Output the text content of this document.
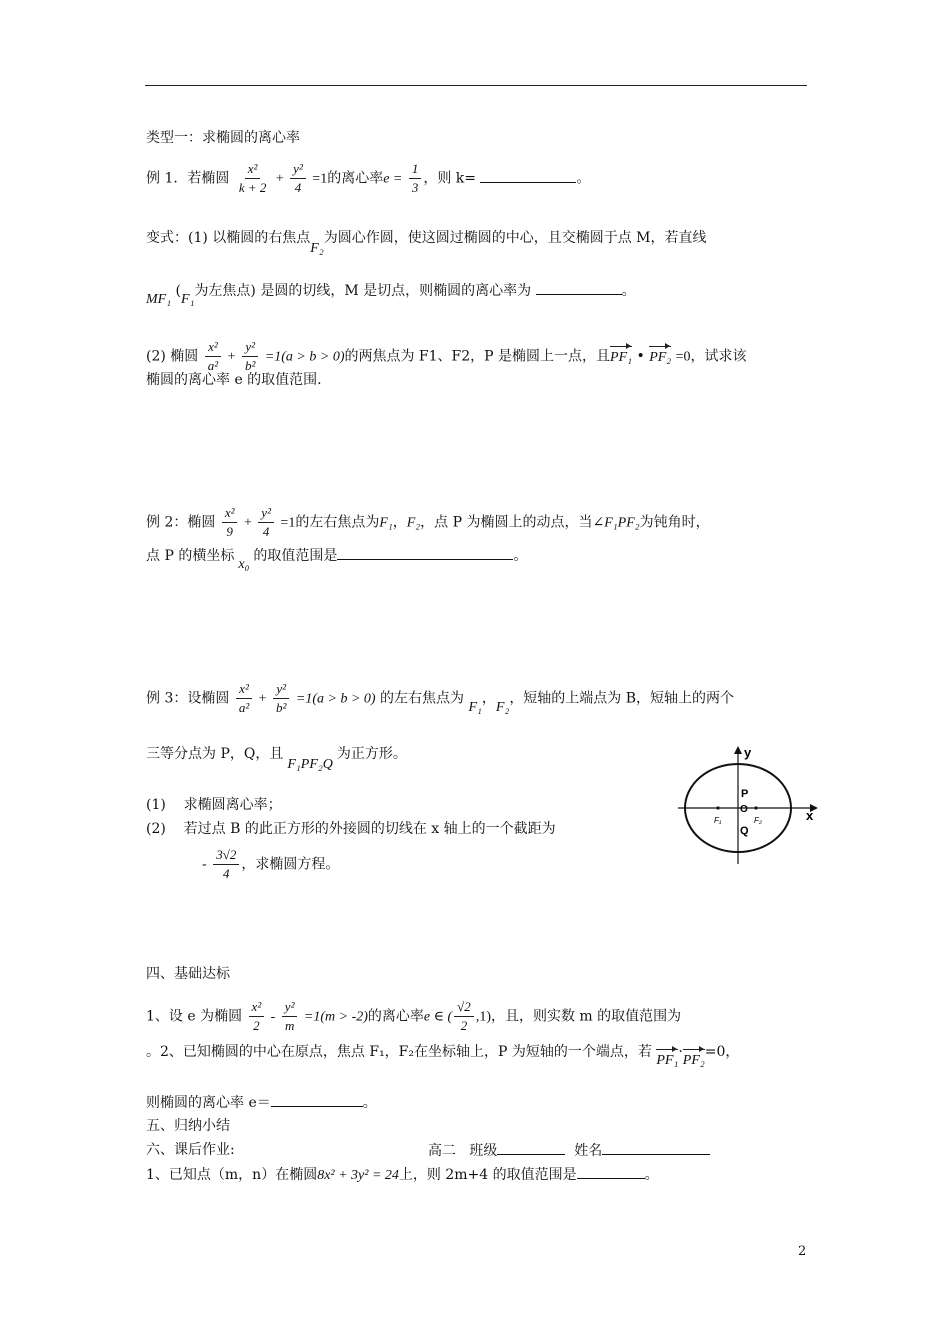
类型一：求椭圆的离心率
例 1．若椭圆 $\frac{\text{x²}}{k + 2} + \frac{\text{y²}}{4} =1$的离心率$e = \frac{1}{3}$ ，则 k=	。
变式：(1) 以椭圆的右焦点F₂为圆心作圆，使这圆过椭圆的中心，且交椭圆于点 M，若直线
MF₁ (F₁为左焦点) 是圆的切线，M 是切点，则椭圆的离心率为	。
(2) 椭圆 $\frac{\text{x²}}{\text{a²}} + \frac{\text{y²}}{\text{b²}} =1(a > b > 0)$的两焦点为 F1、F2，P 是椭圆上一点，且PF₁ • PF₂ =0，试求该
椭圆的离心率 e 的取值范围.
例 2：椭圆 $\frac{\text{x²}}{9} + \frac{\text{y²}}{4} =1$的左右焦点为F₁，F₂，点 P 为椭圆上的动点，当∠F₁PF₂为钝角时，
点 P 的横坐标x₀的取值范围是	。
例 3：设椭圆 $\frac{\text{x²}}{\text{a²}} + \frac{\text{y²}}{\text{b²}} =1(a > b > 0)$ 的左右焦点为 F₁，F₂，短轴的上端点为 B，短轴上的两个
三等分点为 P，Q，且F₁PF₂Q为正方形。
(1) 求椭圆离心率；
(2) 若过点 B 的此正方形的外接圆的切线在 x 轴上的一个截距为
- $\frac{3√2}{4}$ ，求椭圆方程。
y
x
P
O
Q
F₁	F₂
四、基础达标
1、设 e 为椭圆 $\frac{\text{x²}}{2} - \frac{\text{y²}}{m} =1(m > -2)$的离心率e ∈ ( $\frac{√2}{2} ,1$)，且，则实数 m 的取值范围为
。2、已知椭圆的中心在原点，焦点 F₁，F₂在坐标轴上，P 为短轴的一个端点，若 PF₁·PF₂=0，
则椭圆的离心率 e＝	。
五、归纳小结
六、课后作业:	高二 班级	姓名
1、已知点（m，n）在椭圆8x² + 3y² = 24上，则 2m+4 的取值范围是	。
2
